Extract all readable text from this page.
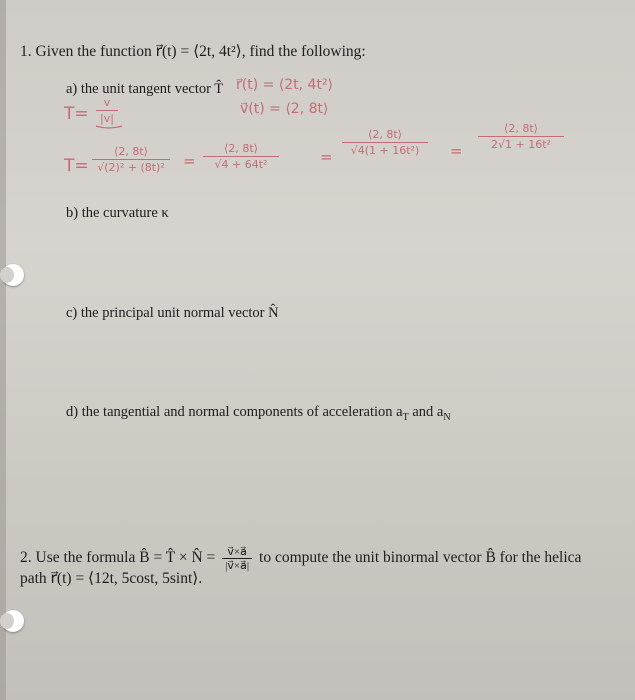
1. Given the function r⃗(t) = ⟨2t, 4t²⟩, find the following:
a) the unit tangent vector T̂ r⃗(t) = ⟨2t, 4t²⟩
v⃗(t) = ⟨2, 8t⟩
T=
v
|v|
T=
⟨2, 8t⟩
√(2)² + (8t)² =
⟨2, 8t⟩
√4 + 64t²	=
⟨2, 8t⟩
√4(1 + 16t²) =
⟨2, 8t⟩
2√1 + 16t²
b) the curvature κ
c) the principal unit normal vector N̂
d) the tangential and normal components of acceleration $a_T$ and $a_N$
2. Use the formula B̂ = T̂ × N̂ = $\frac{v⃗\times a⃗}{|v⃗\times a⃗|}$ to compute the unit binormal vector B̂ for the helica
path r⃗(t) = ⟨12t, 5cost, 5sint⟩.
